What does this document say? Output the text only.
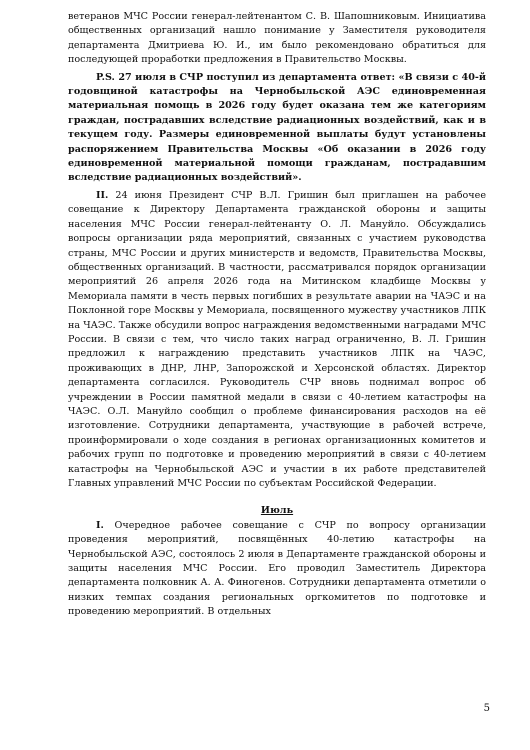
ветеранов МЧС России генерал-лейтенантом С. В. Шапошниковым. Инициатива общественных организаций нашло понимание у Заместителя руководителя департамента Дмитриева Ю. И., им было рекомендовано обратиться для последующей проработки предложения в Правительство Москвы.

P.S. 27 июля в СЧР поступил из департамента ответ: «В связи с 40-й годовщиной катастрофы на Чернобыльской АЭС единовременная материальная помощь в 2026 году будет оказана тем же категориям граждан, пострадавших вследствие радиационных воздействий, как и в текущем году. Размеры единовременной выплаты будут установлены распоряжением Правительства Москвы «Об оказании в 2026 году единовременной материальной помощи гражданам, пострадавшим вследствие радиационных воздействий».

II. 24 июня Президент СЧР В.Л. Гришин был приглашен на рабочее совещание к Директору Департамента гражданской обороны и защиты населения МЧС России генерал-лейтенанту О. Л. Мануйло. Обсуждались вопросы организации ряда мероприятий, связанных с участием руководства страны, МЧС России и других министерств и ведомств, Правительства Москвы, общественных организаций. В частности, рассматривался порядок организации мероприятий 26 апреля 2026 года на Митинском кладбище Москвы у Мемориала памяти в честь первых погибших в результате аварии на ЧАЭС и на Поклонной горе Москвы у Мемориала, посвященного мужеству участников ЛПК на ЧАЭС. Также обсудили вопрос награждения ведомственными наградами МЧС России. В связи с тем, что число таких наград ограниченно, В. Л. Гришин предложил к награждению представить участников ЛПК на ЧАЭС, проживающих в ДНР, ЛНР, Запорожской и Херсонской областях. Директор департамента согласился. Руководитель СЧР вновь поднимал вопрос об учреждении в России памятной медали в связи с 40-летием катастрофы на ЧАЭС. О.Л. Мануйло сообщил о проблеме финансирования расходов на её изготовление. Сотрудники департамента, участвующие в рабочей встрече, проинформировали о ходе создания в регионах организационных комитетов и рабочих групп по подготовке и проведению мероприятий в связи с 40-летием катастрофы на Чернобыльской АЭС и участии в их работе представителей Главных управлений МЧС России по субъектам Российской Федерации.

Июль

I. Очередное рабочее совещание с СЧР по вопросу организации проведения мероприятий, посвящённых 40-летию катастрофы на Чернобыльской АЭС, состоялось 2 июля в Департаменте гражданской обороны и защиты населения МЧС России. Его проводил Заместитель Директора департамента полковник А. А. Финогенов. Сотрудники департамента отметили о низких темпах создания региональных оргкомитетов по подготовке и проведению мероприятий. В отдельных

5
